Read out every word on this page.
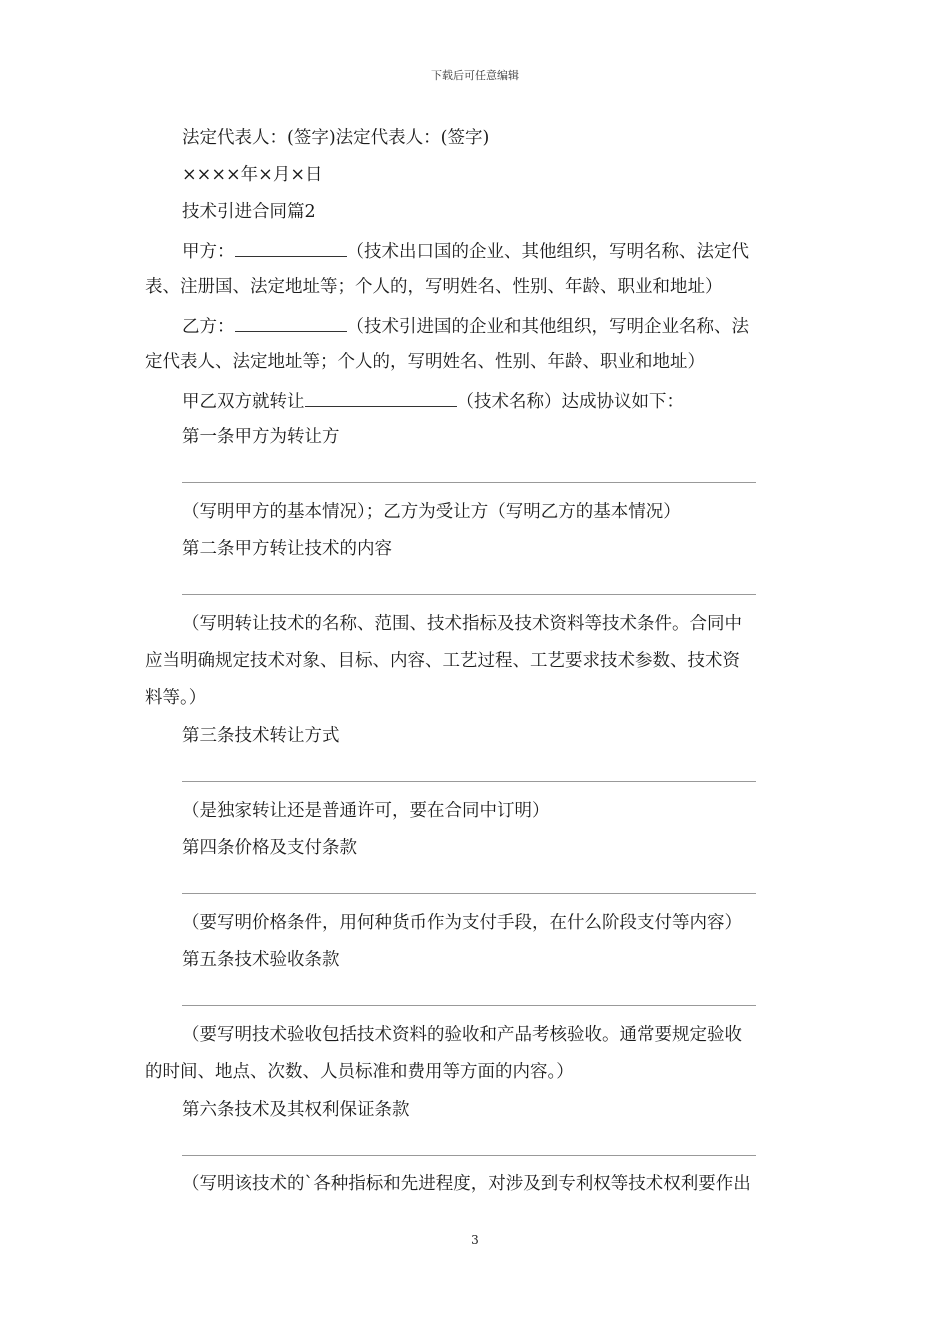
下载后可任意编辑
法定代表人：(签字)法定代表人：(签字)
××××年×月×日
技术引进合同篇2
甲方：	（技术出口国的企业、其他组织，写明名称、法定代
表、注册国、法定地址等；个人的，写明姓名、性别、年龄、职业和地址）
乙方：	（技术引进国的企业和其他组织，写明企业名称、法
定代表人、法定地址等；个人的，写明姓名、性别、年龄、职业和地址）
甲乙双方就转让	（技术名称）达成协议如下：
第一条甲方为转让方
（写明甲方的基本情况）；乙方为受让方（写明乙方的基本情况）
第二条甲方转让技术的内容
（写明转让技术的名称、范围、技术指标及技术资料等技术条件。合同中
应当明确规定技术对象、目标、内容、工艺过程、工艺要求技术参数、技术资
料等。）
第三条技术转让方式
（是独家转让还是普通许可，要在合同中订明）
第四条价格及支付条款
（要写明价格条件，用何种货币作为支付手段，在什么阶段支付等内容）
第五条技术验收条款
（要写明技术验收包括技术资料的验收和产品考核验收。通常要规定验收
的时间、地点、次数、人员标准和费用等方面的内容。）
第六条技术及其权利保证条款
（写明该技术的`各种指标和先进程度，对涉及到专利权等技术权利要作出
3
